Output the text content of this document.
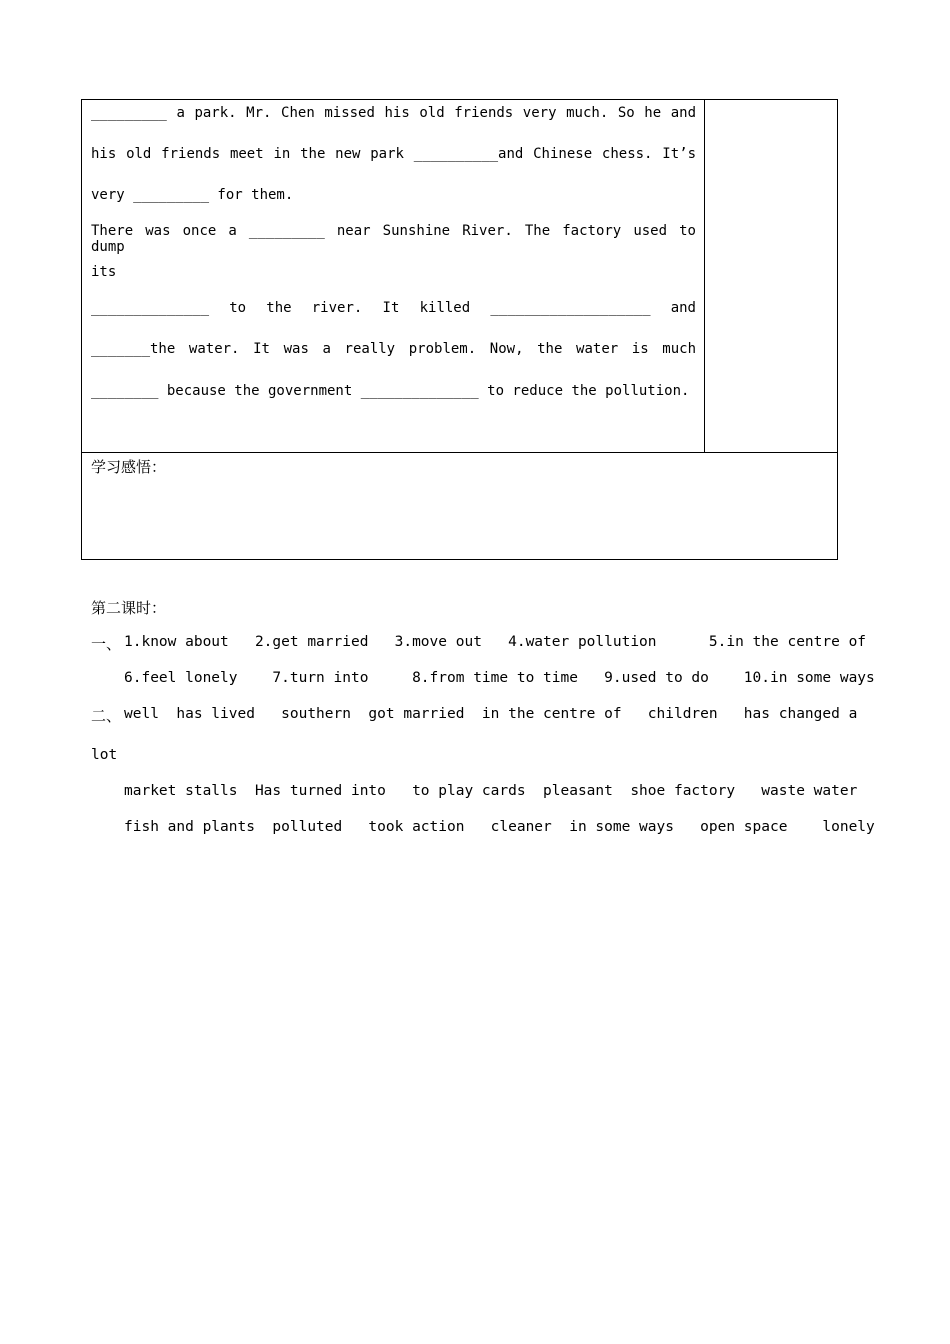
_________ a park. Mr. Chen missed his old friends very much. So he and
his old friends meet in the new park __________and Chinese chess. It’s
very _________ for them.
There was once a _________ near Sunshine River. The factory used to dump
its
______________ to the river. It killed ___________________ and
_______the water. It was a really problem. Now, the water is much
________ because the government ______________ to reduce the pollution.
学习感悟：
第二课时：
一、 1.know about   2.get married   3.move out   4.water pollution      5.in the centre of
6.feel lonely    7.turn into     8.from time to time   9.used to do    10.in some ways
二、 well  has lived   southern  got married  in the centre of   children   has changed a
lot
market stalls  Has turned into   to play cards  pleasant  shoe factory   waste water
fish and plants  polluted   took action   cleaner  in some ways   open space    lonely
